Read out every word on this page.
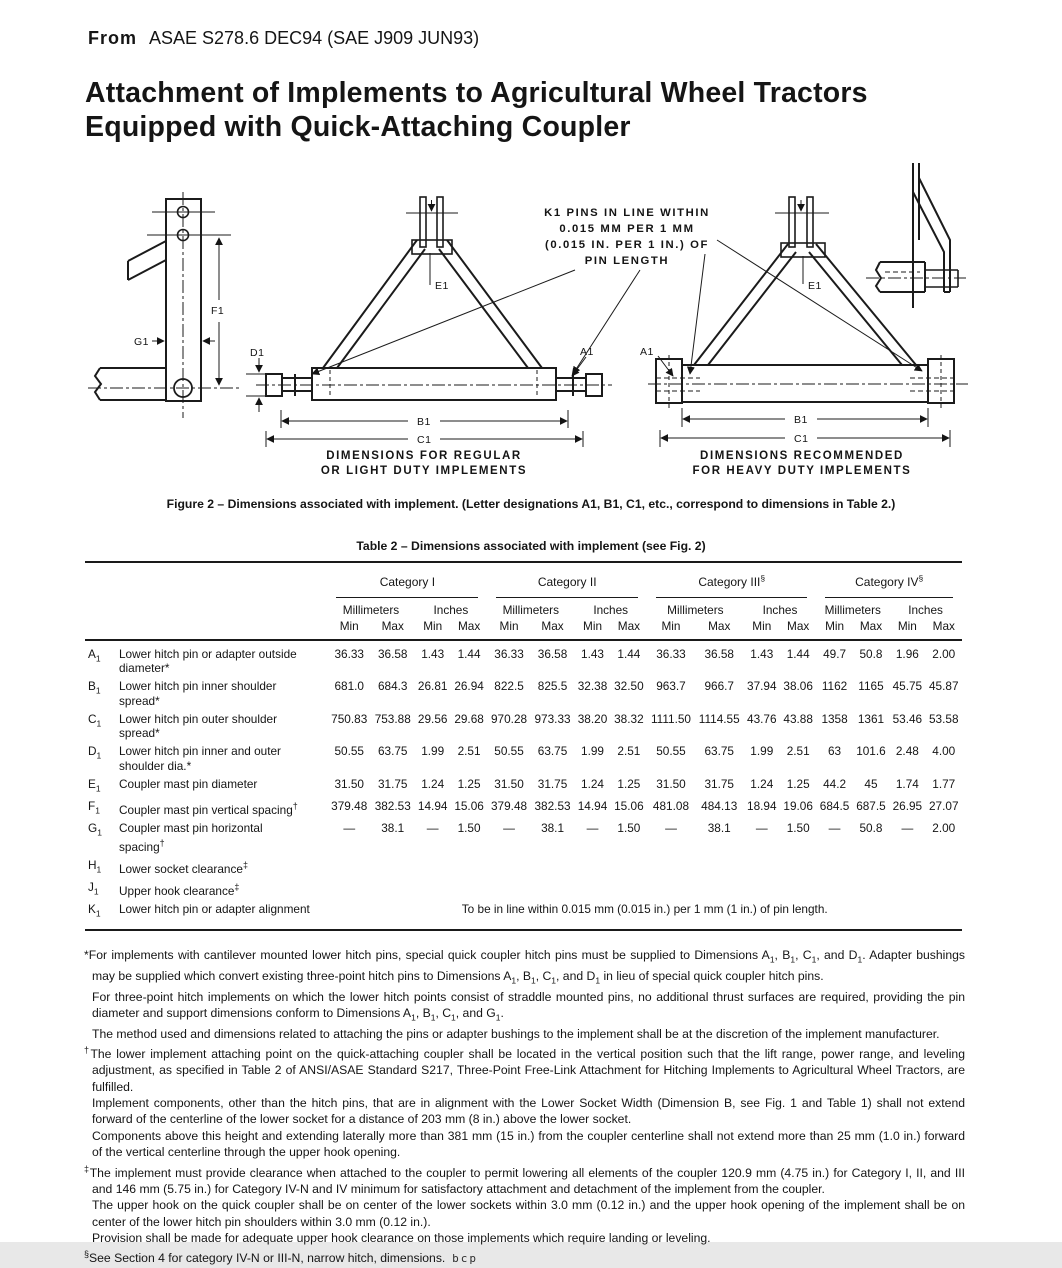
From ASAE S278.6 DEC94 (SAE J909 JUN93)
Attachment of Implements to Agricultural Wheel Tractors
Equipped with Quick-Attaching Coupler
F1
G1
E1
D1	A1
B1
C1
DIMENSIONS FOR REGULAR
OR LIGHT DUTY IMPLEMENTS
K1 PINS IN LINE WITHIN
0.015 MM PER 1 MM
(0.015 IN. PER 1 IN.) OF
PIN LENGTH
A1
E1
B1
C1
DIMENSIONS RECOMMENDED
FOR HEAVY DUTY IMPLEMENTS
Figure 2 – Dimensions associated with implement. (Letter designations A1, B1, C1, etc., correspond to dimensions in Table 2.)
Table 2 – Dimensions associated with implement (see Fig. 2)

		Category I				Category II				Category III§				Category IV§

		Millimeters		Inches		Millimeters		Inches		Millimeters		Inches		Millimeters		Inches	
		Min	Max	Min	Max	Min	Max	Min	Max	Min	Max	Min	Max	Min	Max	Min	Max
$A_1$	Lower hitch pin or adapter outside diameter*	36.33	36.58	1.43	1.44	36.33	36.58	1.43	1.44	36.33	36.58	1.43	1.44	49.7	50.8	1.96	2.00
$B_1$	Lower hitch pin inner shoulder spread*	681.0	684.3	26.81	26.94	822.5	825.5	32.38	32.50	963.7	966.7	37.94	38.06	1162	1165	45.75	45.87
$C_1$	Lower hitch pin outer shoulder spread*	750.83	753.88	29.56	29.68	970.28	973.33	38.20	38.32	1111.50	1114.55	43.76	43.88	1358	1361	53.46	53.58
$D_1$	Lower hitch pin inner and outer shoulder dia.*	50.55	63.75	1.99	2.51	50.55	63.75	1.99	2.51	50.55	63.75	1.99	2.51	63	101.6	2.48	4.00
$E_1$	Coupler mast pin diameter	31.50	31.75	1.24	1.25	31.50	31.75	1.24	1.25	31.50	31.75	1.24	1.25	44.2	45	1.74	1.77
$F_1$	Coupler mast pin vertical spacing†	379.48	382.53	14.94	15.06	379.48	382.53	14.94	15.06	481.08	484.13	18.94	19.06	684.5	687.5	26.95	27.07
$G_1$	Coupler mast pin horizontal spacing†	—	38.1	—	1.50	—	38.1	—	1.50	—	38.1	—	1.50	—	50.8	—	2.00
$H_1$	Lower socket clearance‡

$J_1$	Upper hook clearance‡

$K_1$	Lower hitch pin or adapter alignment	To be in line within 0.015 mm (0.015 in.) per 1 mm (1 in.) of pin length.															
*For implements with cantilever mounted lower hitch pins, special quick coupler hitch pins must be supplied to Dimensions $A_1$, $B_1$, $C_1$, and $D_1$. Adapter bushings may be supplied which convert existing three-point hitch pins to Dimensions $A_1$, $B_1$, $C_1$, and $D_1$ in lieu of special quick coupler hitch pins.
For three-point hitch implements on which the lower hitch points consist of straddle mounted pins, no additional thrust surfaces are required, providing the pin diameter and support dimensions conform to Dimensions $A_1$, $B_1$, $C_1$, and $G_1$.
The method used and dimensions related to attaching the pins or adapter bushings to the implement shall be at the discretion of the implement manufacturer.
†The lower implement attaching point on the quick-attaching coupler shall be located in the vertical position such that the lift range, power range, and leveling adjustment, as specified in Table 2 of ANSI/ASAE Standard S217, Three-Point Free-Link Attachment for Hitching Implements to Agricultural Wheel Tractors, are fulfilled.
Implement components, other than the hitch pins, that are in alignment with the Lower Socket Width (Dimension B, see Fig. 1 and Table 1) shall not extend forward of the centerline of the lower socket for a distance of 203 mm (8 in.) above the lower socket.
Components above this height and extending laterally more than 381 mm (15 in.) from the coupler centerline shall not extend more than 25 mm (1.0 in.) forward of the vertical centerline through the upper hook opening.
‡The implement must provide clearance when attached to the coupler to permit lowering all elements of the coupler 120.9 mm (4.75 in.) for Category I, II, and III and 146 mm (5.75 in.) for Category IV-N and IV minimum for satisfactory attachment and detachment of the implement from the coupler.
The upper hook on the quick coupler shall be on center of the lower sockets within 3.0 mm (0.12 in.) and the upper hook opening of the implement shall be on center of the lower hitch pin shoulders within 3.0 mm (0.12 in.).
Provision shall be made for adequate upper hook clearance on those implements which require landing or leveling.
§See Section 4 for category IV-N or III-N, narrow hitch, dimensions.  bcp
